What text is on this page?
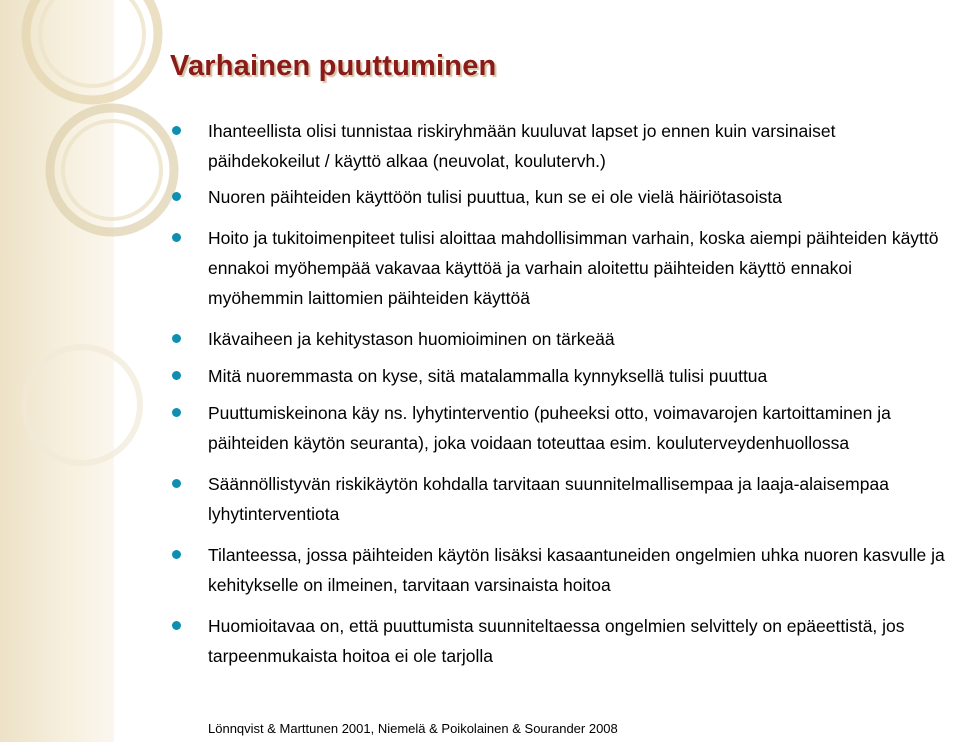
Varhainen puuttuminen
Ihanteellista olisi tunnistaa riskiryhmään kuuluvat lapset jo ennen kuin varsinaiset päihdekokeilut / käyttö alkaa (neuvolat, koulutervh.)
Nuoren päihteiden käyttöön tulisi puuttua, kun se ei ole vielä häiriötasoista
Hoito ja tukitoimenpiteet tulisi aloittaa mahdollisimman varhain, koska aiempi päihteiden käyttö ennakoi myöhempää vakavaa käyttöä ja varhain aloitettu päihteiden käyttö ennakoi myöhemmin laittomien päihteiden käyttöä
Ikävaiheen ja kehitystason huomioiminen on tärkeää
Mitä nuoremmasta on kyse, sitä matalammalla kynnyksellä tulisi puuttua
Puuttumiskeinona käy ns. lyhytinterventio (puheeksi otto, voimavarojen kartoittaminen ja päihteiden käytön seuranta), joka voidaan toteuttaa esim. kouluterveydenhuollossa
Säännöllistyvän riskikäytön kohdalla tarvitaan suunnitelmallisempaa ja laaja-alaisempaa lyhytinterventiota
Tilanteessa, jossa päihteiden käytön lisäksi kasaantuneiden ongelmien uhka nuoren kasvulle ja kehitykselle on ilmeinen, tarvitaan varsinaista hoitoa
Huomioitavaa on, että puuttumista suunniteltaessa ongelmien selvittely on epäeettistä, jos tarpeenmukaista hoitoa ei ole tarjolla

Lönnqvist & Marttunen 2001, Niemelä & Poikolainen & Sourander 2008
